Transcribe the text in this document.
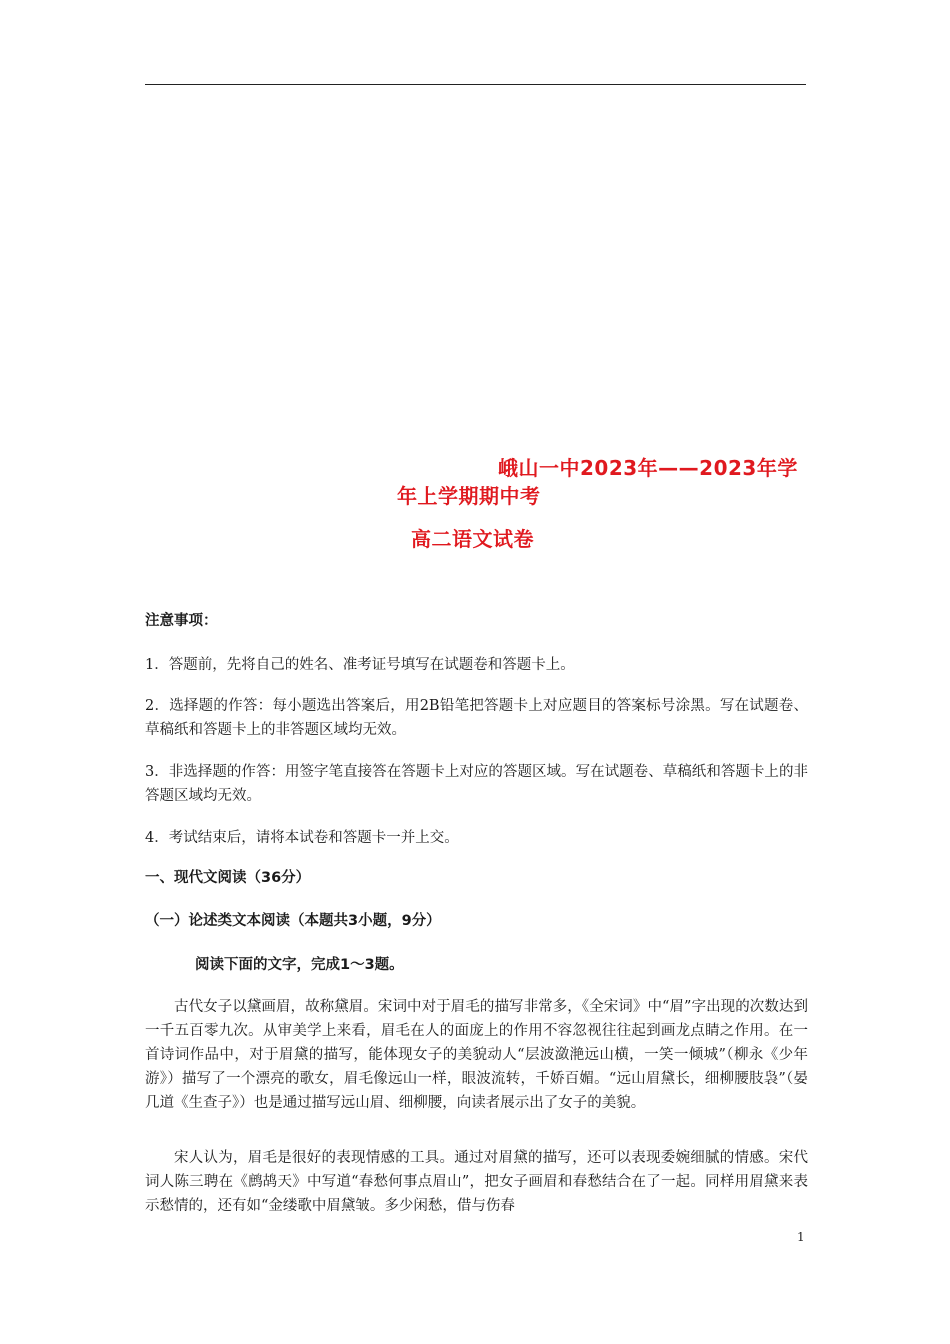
峨山一中2023年——2023年学
年上学期期中考
高二语文试卷
注意事项：
1．答题前，先将自己的姓名、准考证号填写在试题卷和答题卡上。
2．选择题的作答：每小题选出答案后，用2B铅笔把答题卡上对应题目的答案标号涂黑。写在试题卷、草稿纸和答题卡上的非答题区域均无效。
3．非选择题的作答：用签字笔直接答在答题卡上对应的答题区域。写在试题卷、草稿纸和答题卡上的非答题区域均无效。
4．考试结束后，请将本试卷和答题卡一并上交。
一、现代文阅读（36分）
（一）论述类文本阅读（本题共3小题，9分）
阅读下面的文字，完成1～3题。
古代女子以黛画眉，故称黛眉。宋词中对于眉毛的描写非常多，《全宋词》中“眉”字出现的次数达到一千五百零九次。从审美学上来看，眉毛在人的面庞上的作用不容忽视往往起到画龙点睛之作用。在一首诗词作品中，对于眉黛的描写，能体现女子的美貌动人“层波潋滟远山横，一笑一倾城”（柳永《少年游》）描写了一个漂亮的歌女，眉毛像远山一样，眼波流转，千娇百媚。“远山眉黛长，细柳腰肢袅”（晏几道《生查子》）也是通过描写远山眉、细柳腰，向读者展示出了女子的美貌。
宋人认为，眉毛是很好的表现情感的工具。通过对眉黛的描写，还可以表现委婉细腻的情感。宋代词人陈三聘在《鹧鸪天》中写道“春愁何事点眉山”，把女子画眉和春愁结合在了一起。同样用眉黛来表示愁情的，还有如“金缕歌中眉黛皱。多少闲愁，借与伤春
1
